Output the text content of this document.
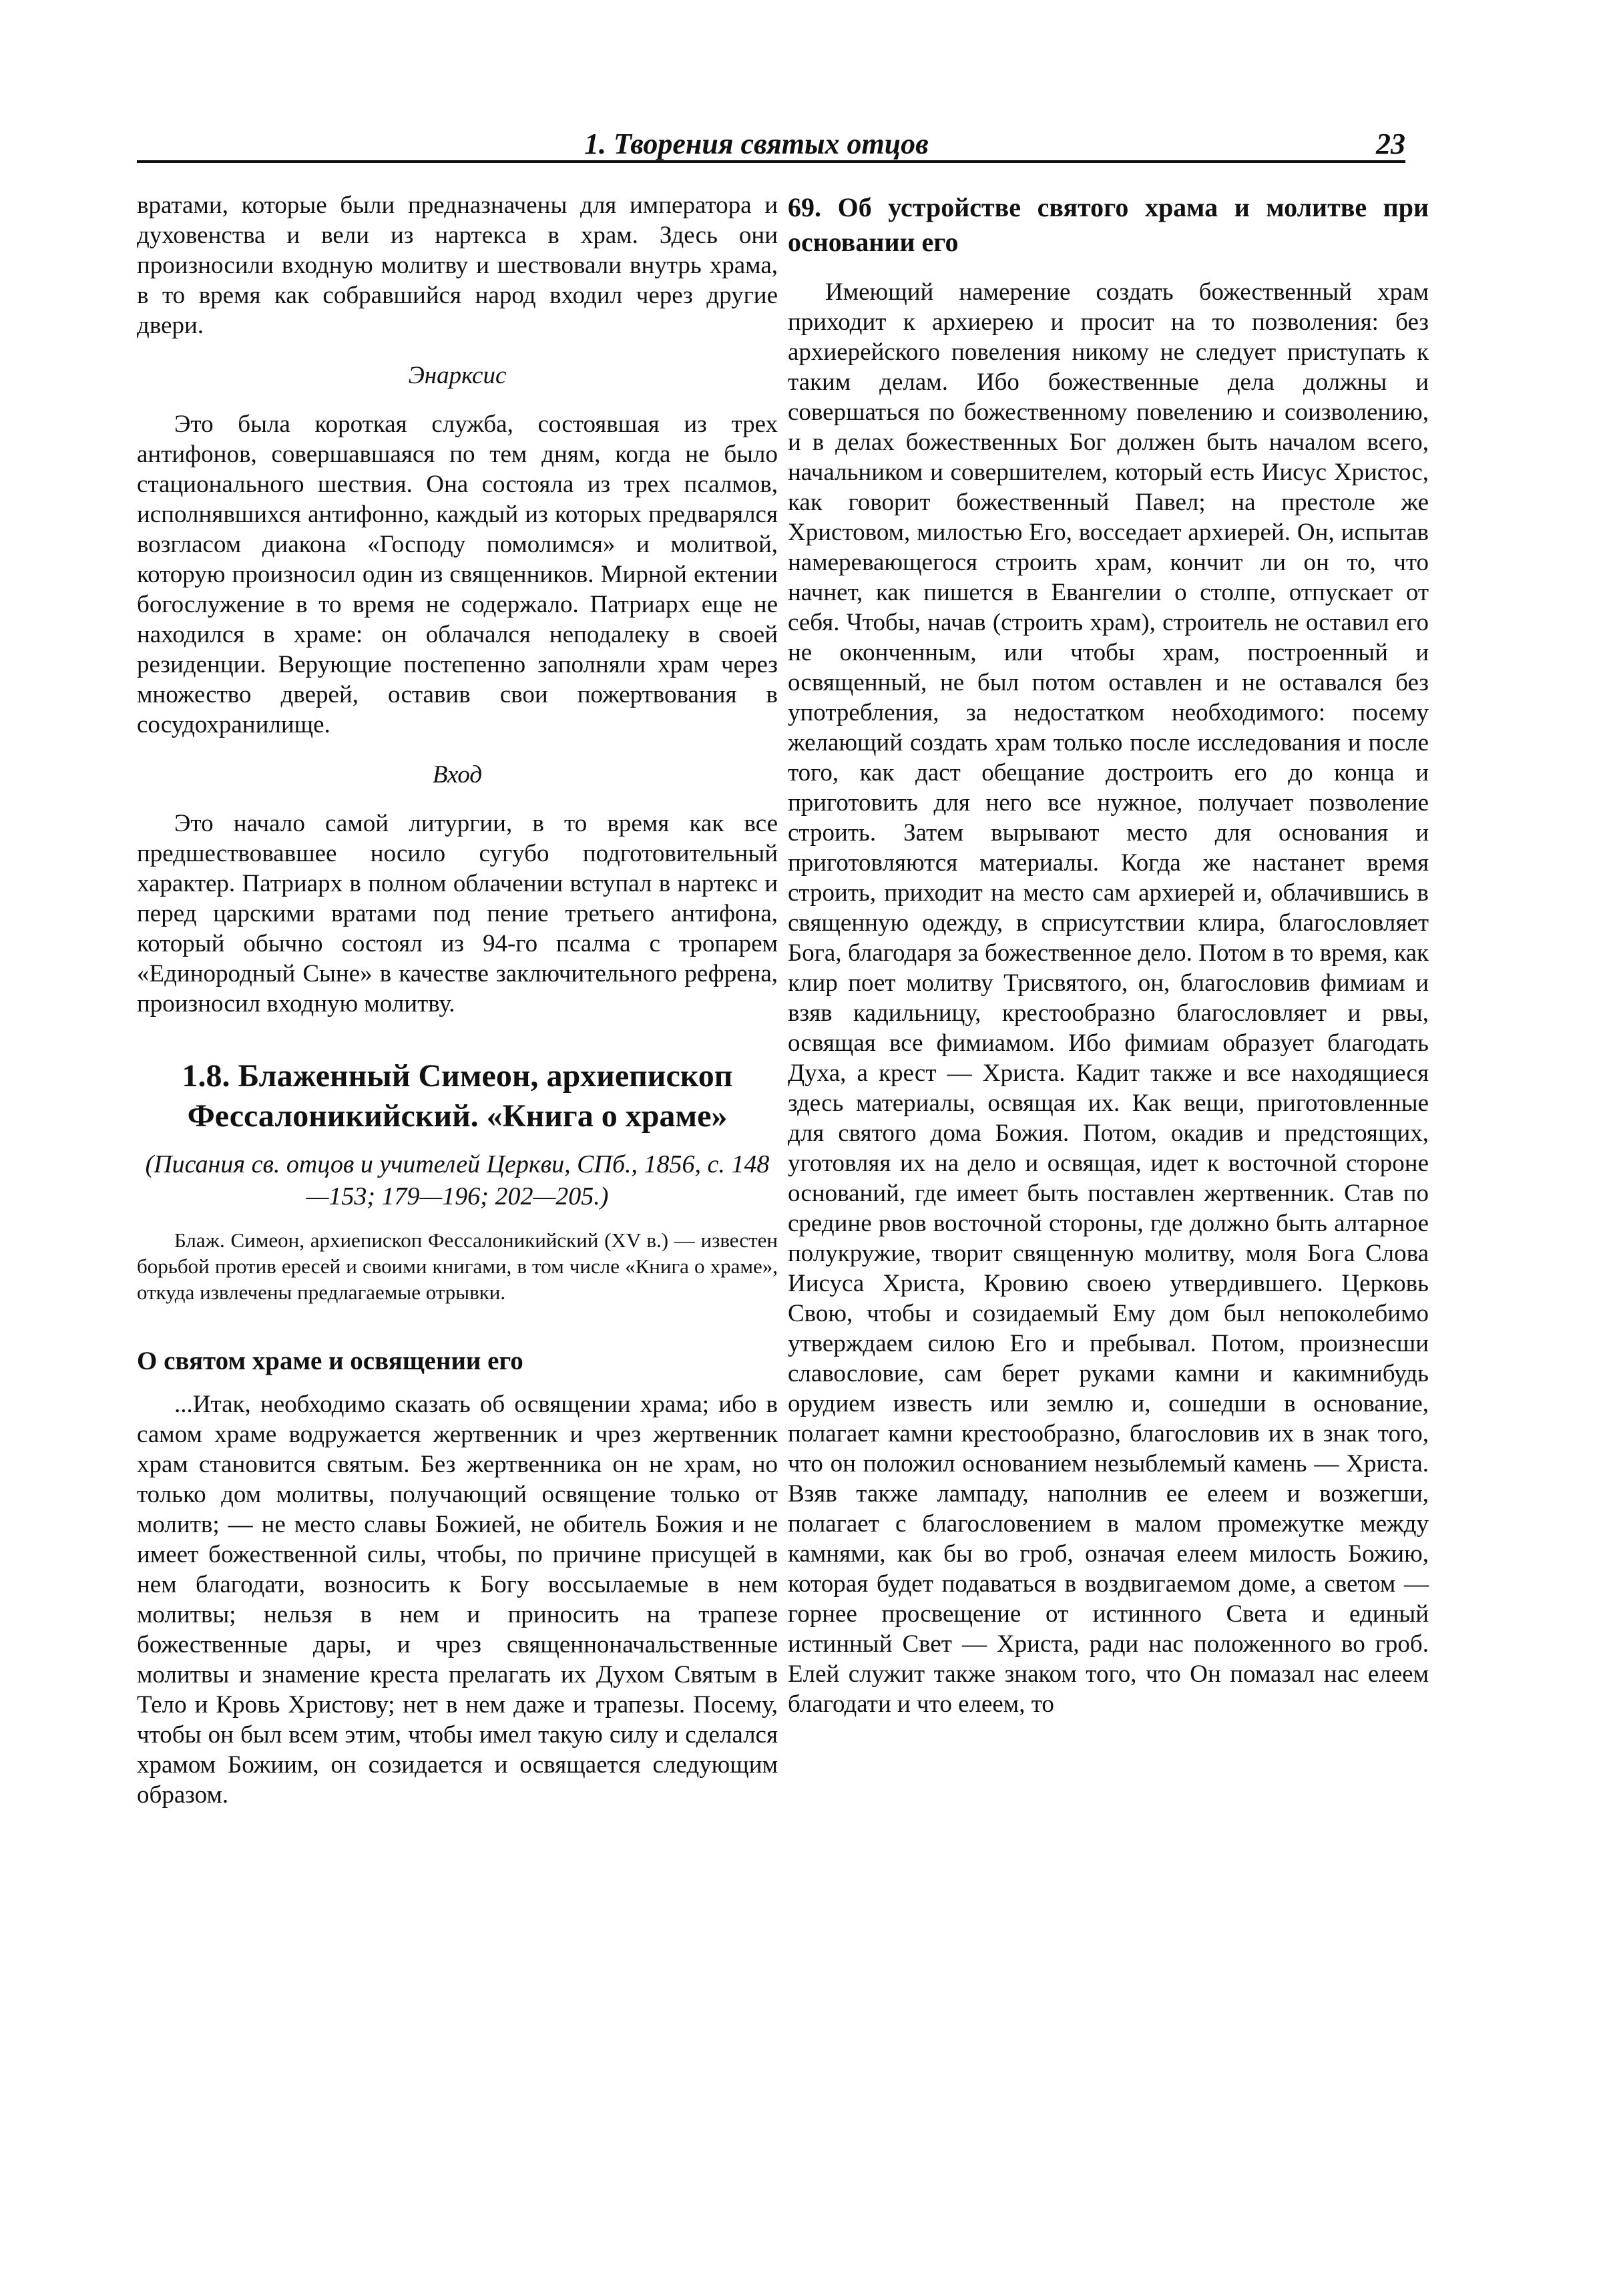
1. Творения святых отцов	23

вратами, которые были предназначены для императора и духовенства и вели из нартекса в храм. Здесь они произносили входную молитву и шествовали внутрь храма, в то время как собравшийся народ входил через другие двери.

Энарксис

Это была короткая служба, состоявшая из трех антифонов, совершавшаяся по тем дням, когда не было стационального шествия. Она состояла из трех псалмов, исполнявшихся антифонно, каждый из которых предварялся возгласом диакона «Господу помолимся» и молитвой, которую произносил один из священников. Мирной ектении богослужение в то время не содержало. Патриарх еще не находился в храме: он облачался неподалеку в своей резиденции. Верующие постепенно заполняли храм через множество дверей, оставив свои пожертвования в сосудохранилище.

Вход

Это начало самой литургии, в то время как все предшествовавшее носило сугубо подготовительный характер. Патриарх в полном облачении вступал в нартекс и перед царскими вратами под пение третьего антифона, который обычно состоял из 94-го псалма с тропарем «Единородный Сыне» в качестве заключительного рефрена, произносил входную молитву.

1.8. Блаженный Симеон, архиепископ Фессалоникийский. «Книга о храме»

(Писания св. отцов и учителей Церкви, СПб., 1856, с. 148—153; 179—196; 202—205.)

Блаж. Симеон, архиепископ Фессалоникийский (XV в.) — известен борьбой против ересей и своими книгами, в том числе «Книга о храме», откуда извлечены предлагаемые отрывки.

О святом храме и освящении его

...Итак, необходимо сказать об освящении храма; ибо в самом храме водружается жертвенник и чрез жертвенник храм становится святым. Без жертвенника он не храм, но только дом молитвы, получающий освящение только от молитв; — не место славы Божией, не обитель Божия и не имеет божественной силы, чтобы, по причине присущей в нем благодати, возносить к Богу воссылаемые в нем молитвы; нельзя в нем и приносить на трапезе божественные дары, и чрез священноначальственные молитвы и знамение креста прелагать их Духом Святым в Тело и Кровь Христову; нет в нем даже и трапезы. Посему, чтобы он был всем этим, чтобы имел такую силу и сделался храмом Божиим, он созидается и освящается следующим образом.

69. Об устройстве святого храма и молитве при основании его

Имеющий намерение создать божественный храм приходит к архиерею и просит на то позволения: без архиерейского повеления никому не следует приступать к таким делам. Ибо божественные дела должны и совершаться по божественному повелению и соизволению, и в делах божественных Бог должен быть началом всего, начальником и совершителем, который есть Иисус Христос, как говорит божественный Павел; на престоле же Христовом, милостью Его, восседает архиерей. Он, испытав намеревающегося строить храм, кончит ли он то, что начнет, как пишется в Евангелии о столпе, отпускает от себя. Чтобы, начав (строить храм), строитель не оставил его не оконченным, или чтобы храм, построенный и освященный, не был потом оставлен и не оставался без употребления, за недостатком необходимого: посему желающий создать храм только после исследования и после того, как даст обещание достроить его до конца и приготовить для него все нужное, получает позволение строить. Затем вырывают место для основания и приготовляются материалы. Когда же настанет время строить, приходит на место сам архиерей и, облачившись в священную одежду, в сприсутствии клира, благословляет Бога, благодаря за божественное дело. Потом в то время, как клир поет молитву Трисвятого, он, благословив фимиам и взяв кадильницу, крестообразно благословляет и рвы, освящая все фимиамом. Ибо фимиам образует благодать Духа, а крест — Христа. Кадит также и все находящиеся здесь материалы, освящая их. Как вещи, приготовленные для святого дома Божия. Потом, окадив и предстоящих, уготовляя их на дело и освящая, идет к восточной стороне оснований, где имеет быть поставлен жертвенник. Став по средине рвов восточной стороны, где должно быть алтарное полукружие, творит священную молитву, моля Бога Слова Иисуса Христа, Кровию своею утвердившего. Церковь Свою, чтобы и созидаемый Ему дом был непоколебимо утверждаем силою Его и пребывал. Потом, произнесши славословие, сам берет руками камни и какимнибудь орудием известь или землю и, сошедши в основание, полагает камни крестообразно, благословив их в знак того, что он положил основанием незыблемый камень — Христа. Взяв также лампаду, наполнив ее елеем и возжегши, полагает с благословением в малом промежутке между камнями, как бы во гроб, означая елеем милость Божию, которая будет подаваться в воздвигаемом доме, а светом — горнее просвещение от истинного Света и единый истинный Свет — Христа, ради нас положенного во гроб. Елей служит также знаком того, что Он помазал нас елеем благодати и что елеем, то
